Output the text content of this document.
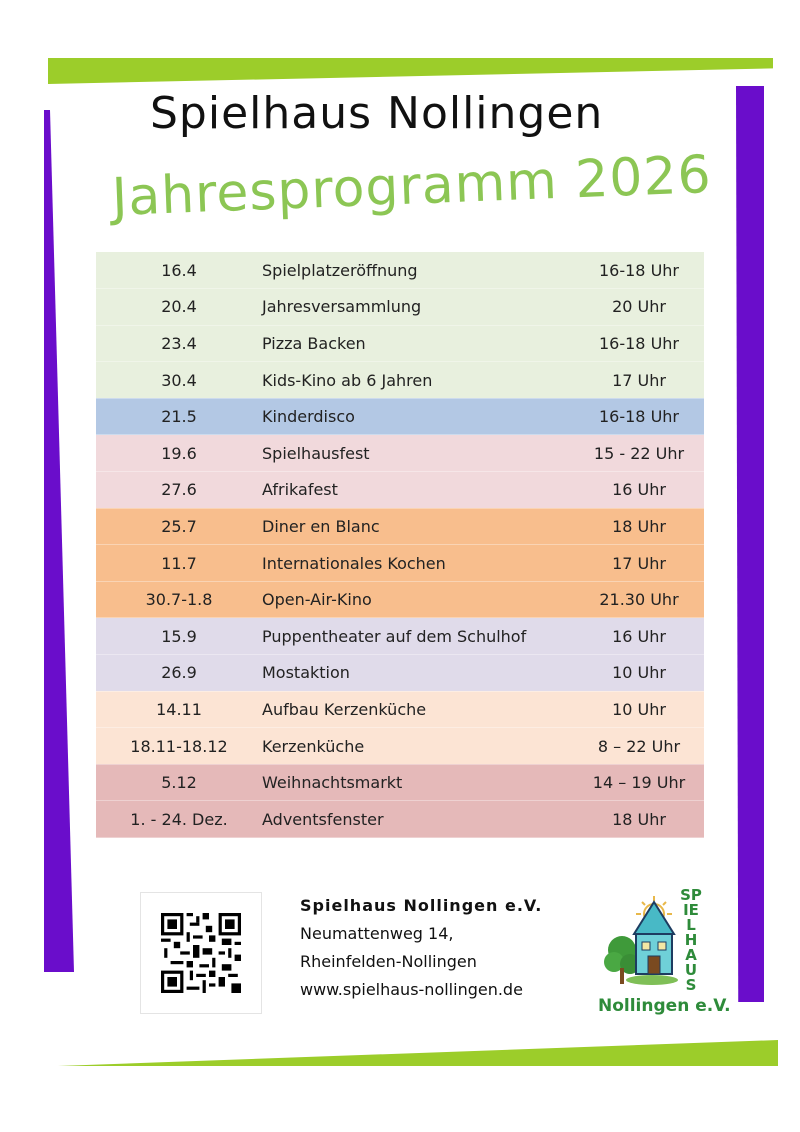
Spielhaus Nollingen
Jahresprogramm 2026
16.4	Spielplatzeröffnung	16-18 Uhr
20.4	Jahresversammlung	20 Uhr
23.4	Pizza Backen	16-18 Uhr
30.4	Kids-Kino ab 6 Jahren	17 Uhr
21.5	Kinderdisco	16-18 Uhr
19.6	Spielhausfest	15 - 22 Uhr
27.6	Afrikafest	16 Uhr
25.7	Diner en Blanc	18 Uhr
11.7	Internationales Kochen	17 Uhr
30.7-1.8	Open-Air-Kino	21.30 Uhr
15.9	Puppentheater auf dem Schulhof	16 Uhr
26.9	Mostaktion	10 Uhr
14.11	Aufbau Kerzenküche	10 Uhr
18.11-18.12	Kerzenküche	8 – 22 Uhr
5.12	Weihnachtsmarkt	14 – 19 Uhr
1. - 24. Dez.	Adventsfenster	18 Uhr
Spielhaus Nollingen e.V.
Neumattenweg 14,
Rheinfelden-Nollingen
www.spielhaus-nollingen.de
SPIELHAUS
Nollingen e.V.
